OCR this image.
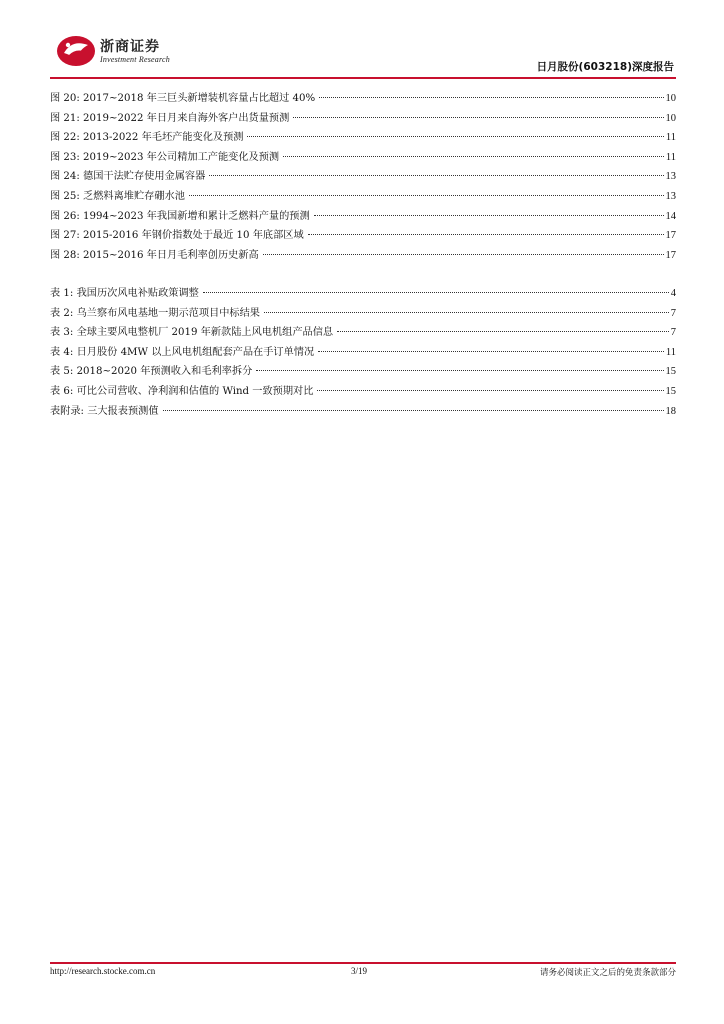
浙商证券
Investment Research
日月股份(603218)深度报告
图 20: 2017~2018 年三巨头新增装机容量占比超过 40%	10
图 21: 2019~2022 年日月来自海外客户出货量预测	10
图 22: 2013-2022 年毛坯产能变化及预测	11
图 23: 2019~2023 年公司精加工产能变化及预测	11
图 24: 德国干法贮存使用金属容器	13
图 25: 乏燃料离堆贮存硼水池	13
图 26: 1994~2023 年我国新增和累计乏燃料产量的预测	14
图 27: 2015-2016 年钢价指数处于最近 10 年底部区域	17
图 28: 2015~2016 年日月毛利率创历史新高	17
表 1: 我国历次风电补贴政策调整	4
表 2: 乌兰察布风电基地一期示范项目中标结果	7
表 3: 全球主要风电整机厂 2019 年新款陆上风电机组产品信息	7
表 4: 日月股份 4MW 以上风电机组配套产品在手订单情况	11
表 5: 2018~2020 年预测收入和毛利率拆分	15
表 6: 可比公司营收、净利润和估值的 Wind 一致预期对比	15
表附录: 三大报表预测值	18
http://research.stocke.com.cn	3/19	请务必阅读正文之后的免责条款部分
